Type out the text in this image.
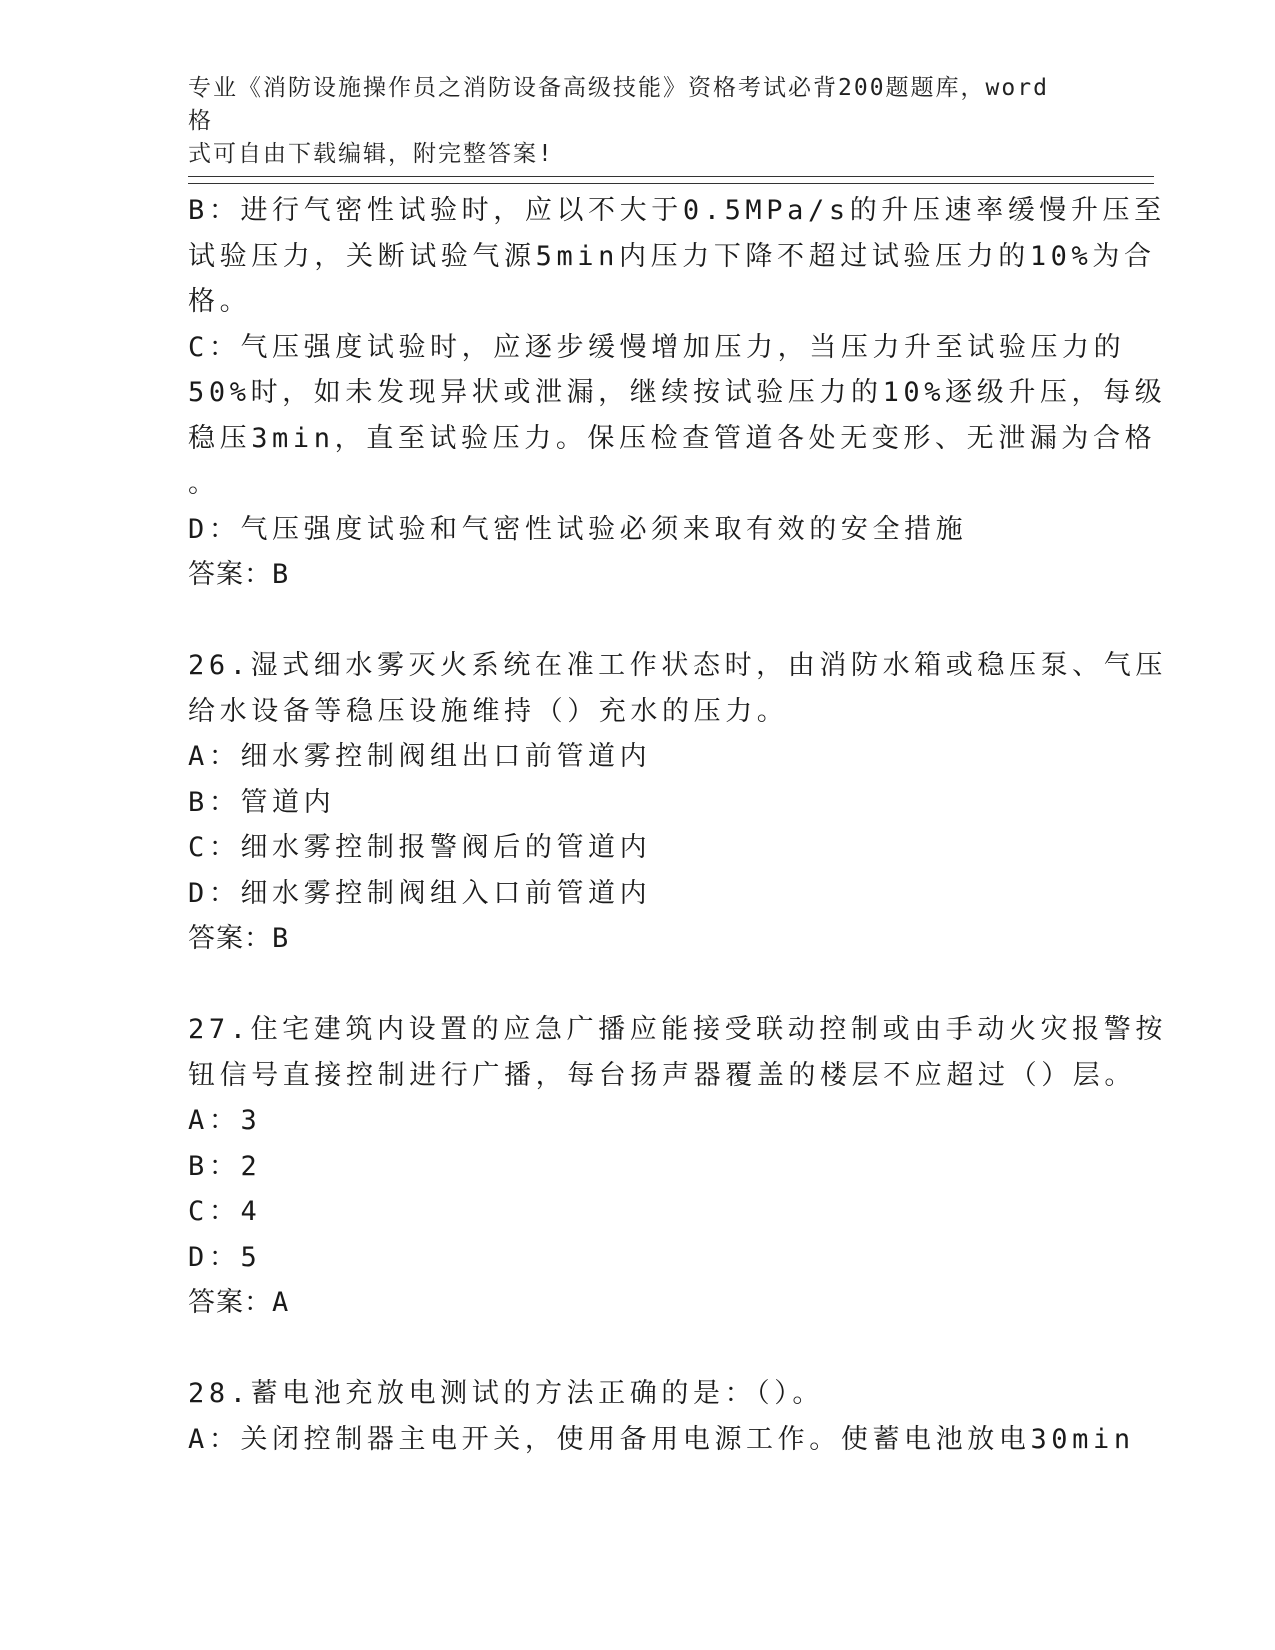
专业《消防设施操作员之消防设备高级技能》资格考试必背200题题库，word格
式可自由下载编辑，附完整答案!
B：进行气密性试验时，应以不大于0.5MPa/s的升压速率缓慢升压至
试验压力，关断试验气源5min内压力下降不超过试验压力的10%为合
格。
C：气压强度试验时，应逐步缓慢增加压力，当压力升至试验压力的
50%时，如未发现异状或泄漏，继续按试验压力的10%逐级升压，每级
稳压3min，直至试验压力。保压检查管道各处无变形、无泄漏为合格
。
D：气压强度试验和气密性试验必须来取有效的安全措施
答案：B
26.湿式细水雾灭火系统在准工作状态时，由消防水箱或稳压泵、气压
给水设备等稳压设施维持（）充水的压力。
A：细水雾控制阀组出口前管道内
B：管道内
C：细水雾控制报警阀后的管道内
D：细水雾控制阀组入口前管道内
答案：B
27.住宅建筑内设置的应急广播应能接受联动控制或由手动火灾报警按
钮信号直接控制进行广播，每台扬声器覆盖的楼层不应超过（）层。
A：3
B：2
C：4
D：5
答案：A
28.蓄电池充放电测试的方法正确的是：（）。
A：关闭控制器主电开关，使用备用电源工作。使蓄电池放电30min
